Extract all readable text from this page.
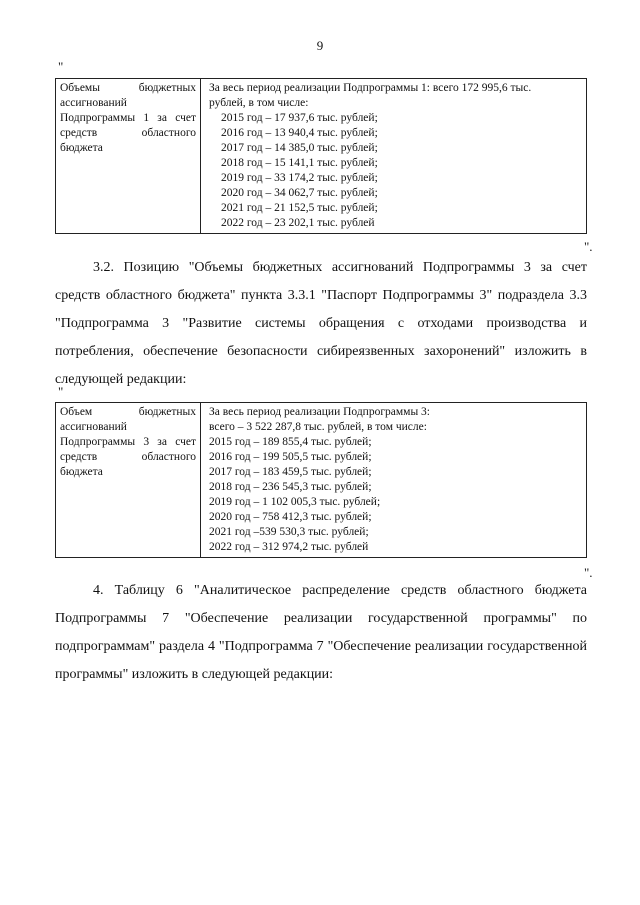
9
"
Объемы бюджетных ассигнований Подпрограммы 1 за счет средств областного бюджета	
За весь период реализации Подпрограммы 1: всего 172 995,6 тыс.
рублей, в том числе:
2015 год – 17 937,6 тыс. рублей;
2016 год – 13 940,4 тыс. рублей;
2017 год – 14 385,0 тыс. рублей;
2018 год – 15 141,1 тыс. рублей;
2019 год – 33 174,2 тыс. рублей;
2020 год – 34 062,7 тыс. рублей;
2021 год – 21 152,5 тыс. рублей;
2022 год – 23 202,1 тыс. рублей
".
3.2. Позицию "Объемы бюджетных ассигнований Подпрограммы 3 за счет средств областного бюджета" пункта 3.3.1 "Паспорт Подпрограммы 3" подраздела 3.3 "Подпрограмма 3 "Развитие системы обращения с отходами производства и потребления, обеспечение безопасности сибиреязвенных захоронений" изложить в следующей редакции:
"
Объем бюджетных ассигнований Подпрограммы 3 за счет средств областного бюджета	
За весь период реализации Подпрограммы 3:
всего – 3 522 287,8 тыс. рублей, в том числе:
2015 год – 189 855,4 тыс. рублей;
2016 год – 199 505,5 тыс. рублей;
2017 год – 183 459,5 тыс. рублей;
2018 год – 236 545,3 тыс. рублей;
2019 год – 1 102 005,3 тыс. рублей;
2020 год – 758 412,3 тыс. рублей;
2021 год –539 530,3 тыс. рублей;
2022 год – 312 974,2 тыс. рублей
".
4. Таблицу 6 "Аналитическое распределение средств областного бюджета Подпрограммы 7 "Обеспечение реализации государственной программы" по подпрограммам" раздела 4 "Подпрограмма 7 "Обеспечение реализации государственной программы" изложить в следующей редакции:
